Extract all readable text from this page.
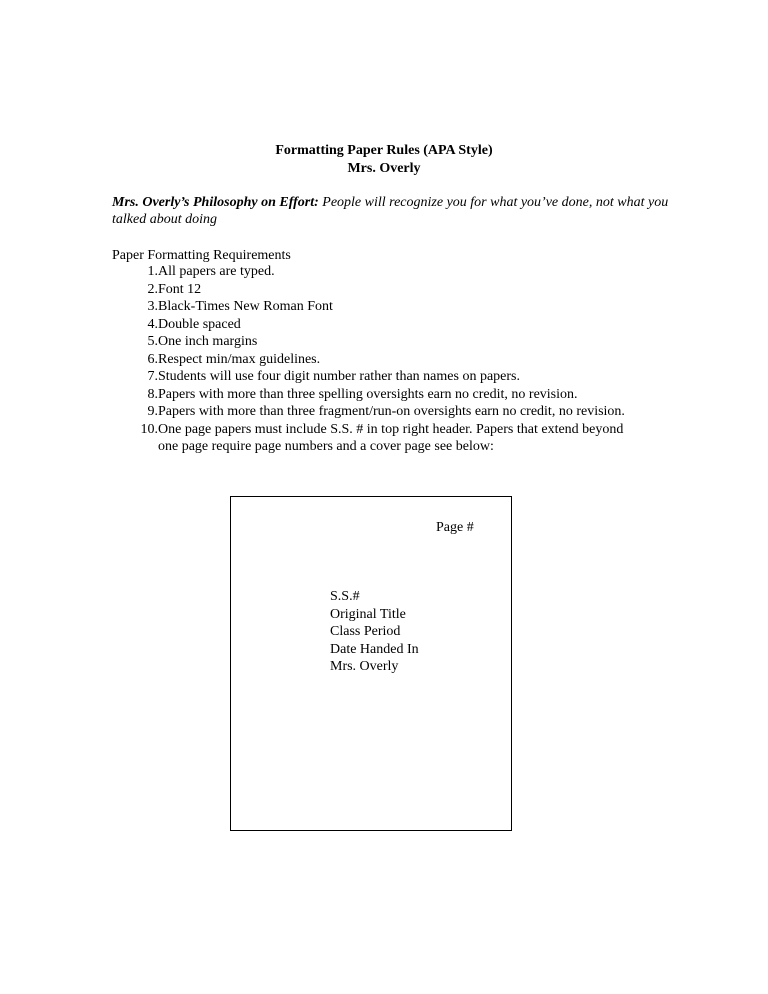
Formatting Paper Rules (APA Style)
Mrs. Overly
Mrs. Overly’s Philosophy on Effort: People will recognize you for what you’ve done, not what you talked about doing
Paper Formatting Requirements
1. All papers are typed.
2. Font 12
3. Black-Times New Roman Font
4. Double spaced
5. One inch margins
6. Respect min/max guidelines.
7. Students will use four digit number rather than names on papers.
8. Papers with more than three spelling oversights earn no credit, no revision.
9. Papers with more than three fragment/run-on oversights earn no credit, no revision.
10. One page papers must include S.S. # in top right header. Papers that extend beyond one page require page numbers and a cover page see below:
Page #
S.S.#
Original Title
Class Period
Date Handed In
Mrs. Overly
